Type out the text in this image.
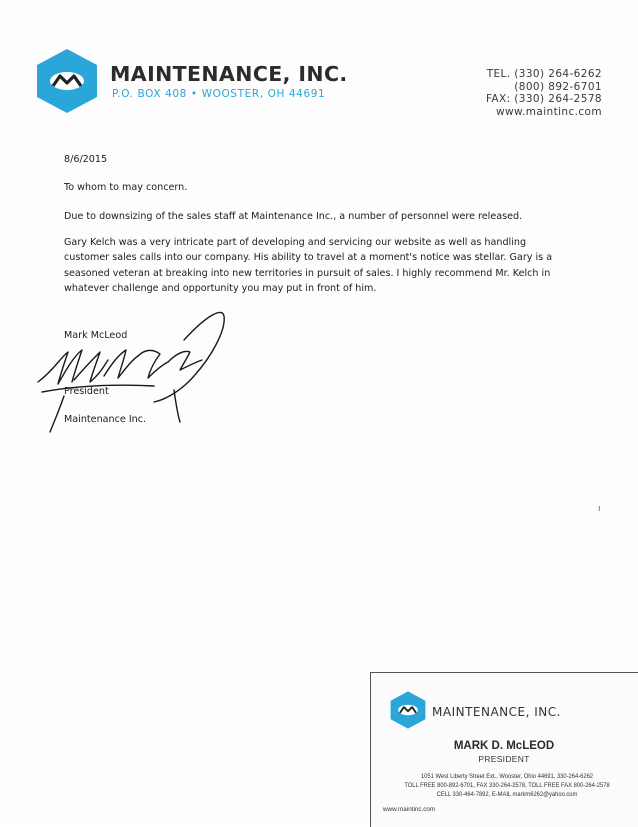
MAINTENANCE, INC.
P.O. BOX 408 • WOOSTER, OH 44691
TEL. (330) 264-6262
(800) 892-6701
FAX: (330) 264-2578
www.maintinc.com
8/6/2015
To whom to may concern.
Due to downsizing of the sales staff at Maintenance Inc., a number of personnel were released.
Gary Kelch was a very intricate part of developing and servicing our website as well as handling
customer sales calls into our company. His ability to travel at a moment's notice was stellar. Gary is a
seasoned veteran at breaking into new territories in pursuit of sales. I highly recommend Mr. Kelch in
whatever challenge and opportunity you may put in front of him.
Mark McLeod
President
Maintenance Inc.
ı
MAINTENANCE, INC.
MARK D. McLEOD
PRESIDENT
1051 West Liberty Street Ext., Wooster, Ohio 44691, 330-264-6262
TOLL FREE 800-892-6701, FAX 330-264-2578, TOLL FREE FAX 800-264-2578
CELL 330-464-7892, E-MAIL markm6262@yahoo.com
www.maintinc.com
